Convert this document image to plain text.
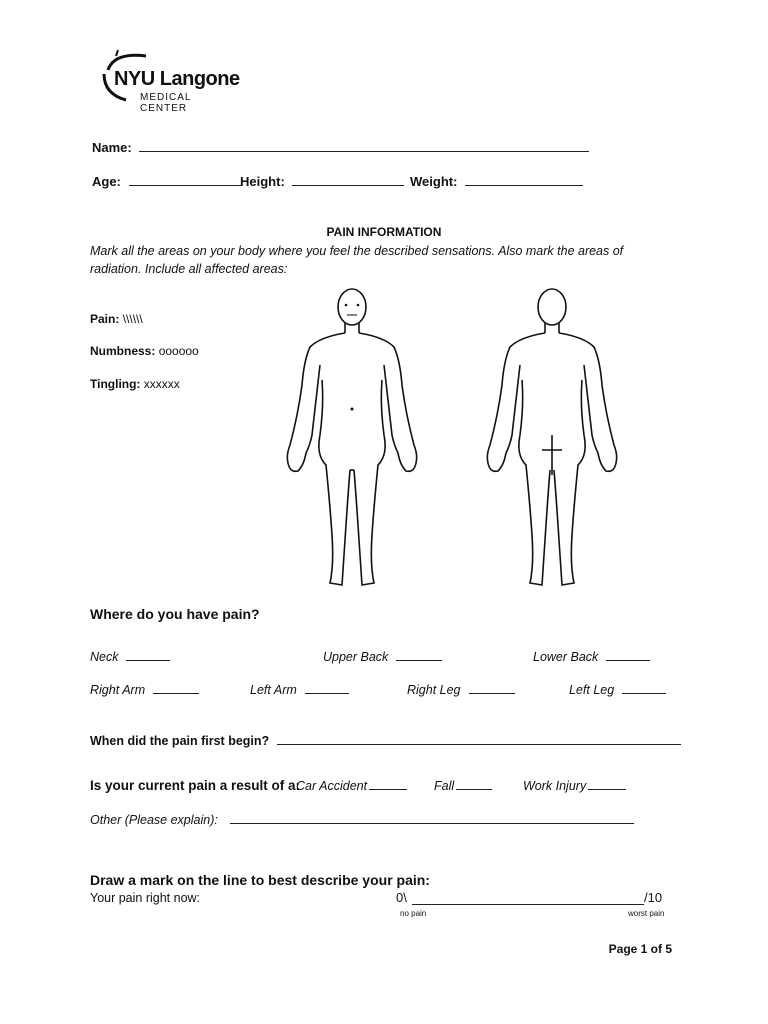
NYU Langone
MEDICAL CENTER
Name:
Age:	Height:	Weight:
PAIN INFORMATION
Mark all the areas on your body where you feel the described sensations. Also mark the areas of radiation. Include all affected areas:
Pain: \\\\\\
Numbness: oooooo
Tingling: xxxxxx
Where do you have pain?
Neck	Upper Back	Lower Back
Right Arm	Left Arm	Right Leg	Left Leg
When did the pain first begin?
Is your current pain a result of a:
Car Accident	Fall	Work Injury
Other (Please explain):
Draw a mark on the line to best describe your pain:
Your pain right now:	0\	/10
no pain	worst pain
Page 1 of 5
